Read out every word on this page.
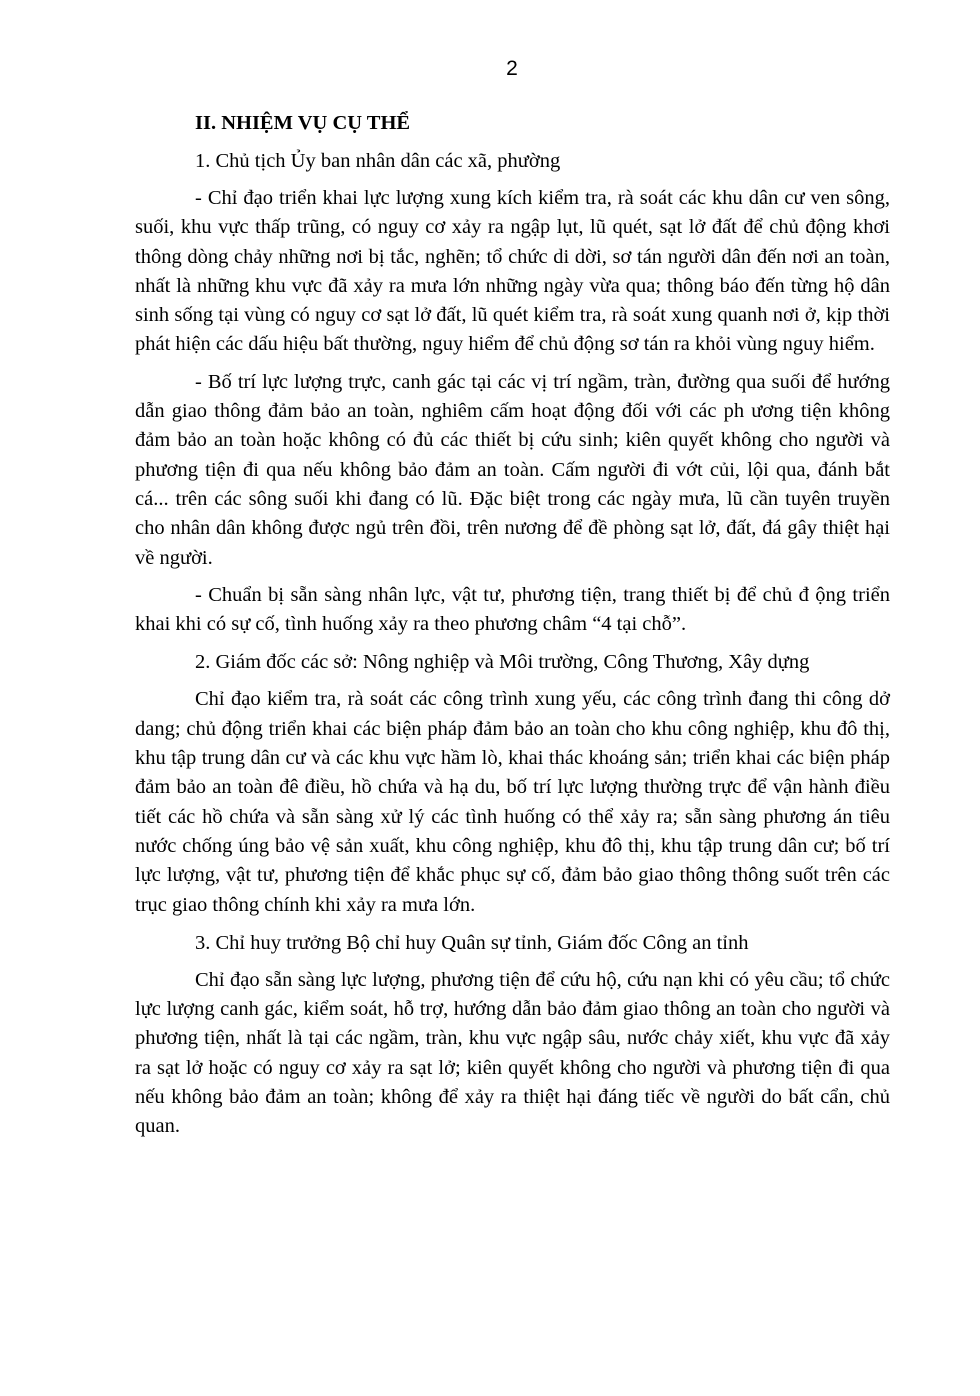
2
II. NHIỆM VỤ CỤ THỂ
1. Chủ tịch Ủy ban nhân dân các xã, phường

- Chỉ đạo triển khai lực lượng xung kích kiểm tra, rà soát các khu dân cư ven sông, suối, khu vực thấp trũng, có nguy cơ xảy ra ngập lụt, lũ quét, sạt lở đất để chủ động khơi thông dòng chảy những nơi bị tắc, nghẽn; tổ chức di dời, sơ tán người dân đến nơi an toàn, nhất là những khu vực đã xảy ra mưa lớn những ngày vừa qua; thông báo đến từng hộ dân sinh sống tại vùng có nguy cơ sạt lở đất, lũ quét kiểm tra, rà soát xung quanh nơi ở, kịp thời phát hiện các dấu hiệu bất thường, nguy hiểm để chủ động sơ tán ra khỏi vùng nguy hiểm.

- Bố trí lực lượng trực, canh gác tại các vị trí ngầm, tràn, đường qua suối để hướng dẫn giao thông đảm bảo an toàn, nghiêm cấm hoạt động đối với các ph ương tiện không đảm bảo an toàn hoặc không có đủ các thiết bị cứu sinh; kiên quyết không cho người và phương tiện đi qua nếu không bảo đảm an toàn. Cấm người đi vớt củi, lội qua, đánh bắt cá... trên các sông suối khi đang có lũ. Đặc biệt trong các ngày mưa, lũ cần tuyên truyền cho nhân dân không được ngủ trên đồi, trên nương để đề phòng sạt lở, đất, đá gây thiệt hại về người.

- Chuẩn bị sẵn sàng nhân lực, vật tư, phương tiện, trang thiết bị để chủ đ ộng triển khai khi có sự cố, tình huống xảy ra theo phương châm “4 tại chỗ”.

2. Giám đốc các sở: Nông nghiệp và Môi trường, Công Thương, Xây dựng

Chỉ đạo kiểm tra, rà soát các công trình xung yếu, các công trình đang thi công dở dang; chủ động triển khai các biện pháp đảm bảo an toàn cho khu công nghiệp, khu đô thị, khu tập trung dân cư và các khu vực hầm lò, khai thác khoáng sản; triển khai các biện pháp đảm bảo an toàn đê điều, hồ chứa và hạ du, bố trí lực lượng thường trực để vận hành điều tiết các hồ chứa và sẵn sàng xử lý các tình huống có thể xảy ra; sẵn sàng phương án tiêu nước chống úng bảo vệ sản xuất, khu công nghiệp, khu đô thị, khu tập trung dân cư; bố trí lực lượng, vật tư, phương tiện để khắc phục sự cố, đảm bảo giao thông thông suốt trên các trục giao thông chính khi xảy ra mưa lớn.

3. Chỉ huy trưởng Bộ chỉ huy Quân sự tỉnh, Giám đốc Công an tỉnh

Chỉ đạo sẵn sàng lực lượng, phương tiện để cứu hộ, cứu nạn khi có yêu cầu; tổ chức lực lượng canh gác, kiểm soát, hỗ trợ, hướng dẫn bảo đảm giao thông an toàn cho người và phương tiện, nhất là tại các ngầm, tràn, khu vực ngập sâu, nước chảy xiết, khu vực đã xảy ra sạt lở hoặc có nguy cơ xảy ra sạt lở; kiên quyết không cho người và phương tiện đi qua nếu không bảo đảm an toàn; không để xảy ra thiệt hại đáng tiếc về người do bất cẩn, chủ quan.
